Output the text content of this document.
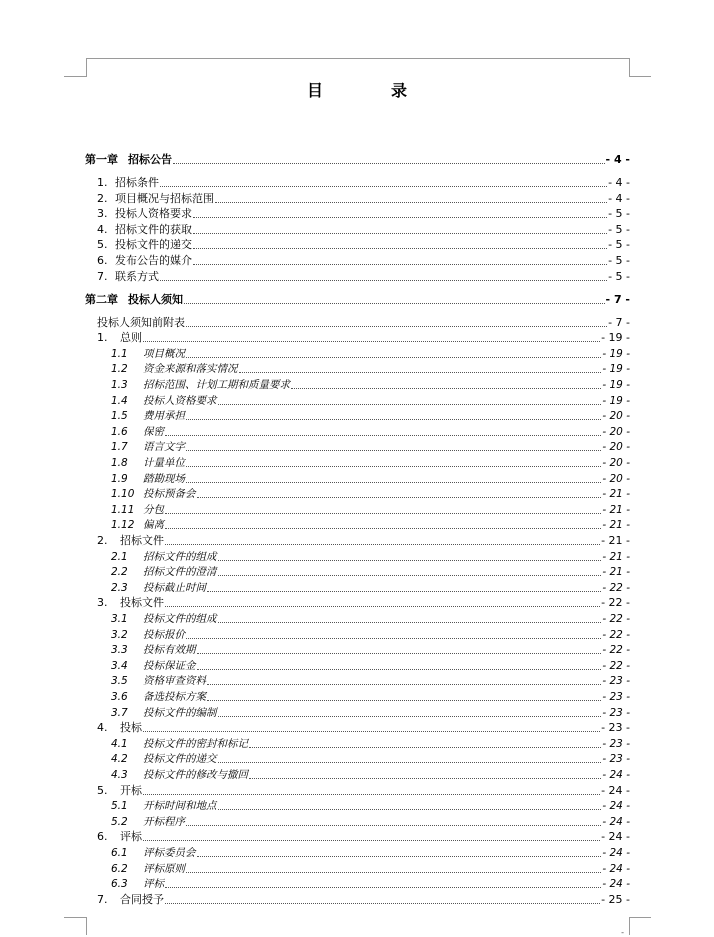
目　录
第一章 招标公告	- 4 -
1. 招标条件	- 4 -
2. 项目概况与招标范围	- 4 -
3. 投标人资格要求	- 5 -
4. 招标文件的获取	- 5 -
5. 投标文件的递交	- 5 -
6. 发布公告的媒介	- 5 -
7. 联系方式	- 5 -
第二章 投标人须知	- 7 -
投标人须知前附表	- 7 -
1. 总则	- 19 -
1.1 项目概况	- 19 -
1.2 资金来源和落实情况	- 19 -
1.3 招标范围、计划工期和质量要求	- 19 -
1.4 投标人资格要求	- 19 -
1.5 费用承担	- 20 -
1.6 保密	- 20 -
1.7 语言文字	- 20 -
1.8 计量单位	- 20 -
1.9 踏勘现场	- 20 -
1.10 投标预备会	- 21 -
1.11 分包	- 21 -
1.12 偏离	- 21 -
2. 招标文件	- 21 -
2.1 招标文件的组成	- 21 -
2.2 招标文件的澄清	- 21 -
2.3 投标截止时间	- 22 -
3. 投标文件	- 22 -
3.1 投标文件的组成	- 22 -
3.2 投标报价	- 22 -
3.3 投标有效期	- 22 -
3.4 投标保证金	- 22 -
3.5 资格审查资料	- 23 -
3.6 备选投标方案	- 23 -
3.7 投标文件的编制	- 23 -
4. 投标	- 23 -
4.1 投标文件的密封和标记	- 23 -
4.2 投标文件的递交	- 23 -
4.3 投标文件的修改与撤回	- 24 -
5. 开标	- 24 -
5.1 开标时间和地点	- 24 -
5.2 开标程序	- 24 -
6. 评标	- 24 -
6.1 评标委员会	- 24 -
6.2 评标原则	- 24 -
6.3 评标	- 24 -
7. 合同授予	- 25 -
-
